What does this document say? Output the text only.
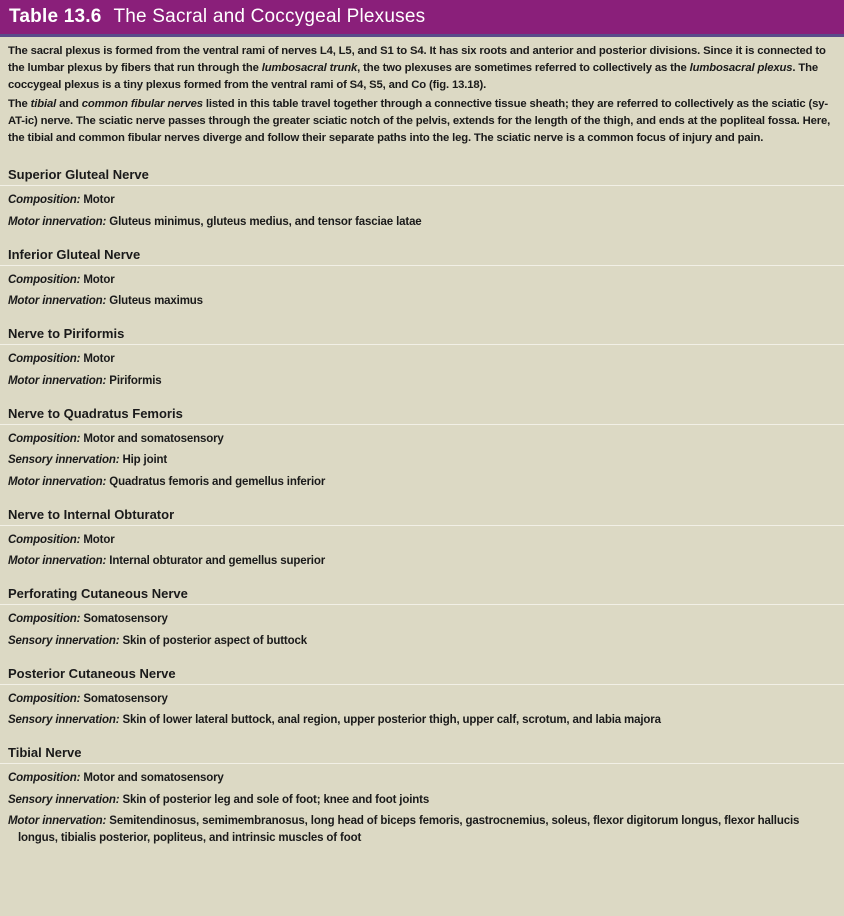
Table 13.6 The Sacral and Coccygeal Plexuses

The sacral plexus is formed from the ventral rami of nerves L4, L5, and S1 to S4. It has six roots and anterior and posterior divisions. Since it is connected to the lumbar plexus by fibers that run through the lumbosacral trunk, the two plexuses are sometimes referred to collectively as the lumbosacral plexus. The coccygeal plexus is a tiny plexus formed from the ventral rami of S4, S5, and Co (fig. 13.18).

The tibial and common fibular nerves listed in this table travel together through a connective tissue sheath; they are referred to collectively as the sciatic (sy-AT-ic) nerve. The sciatic nerve passes through the greater sciatic notch of the pelvis, extends for the length of the thigh, and ends at the popliteal fossa. Here, the tibial and common fibular nerves diverge and follow their separate paths into the leg. The sciatic nerve is a common focus of injury and pain.

Superior Gluteal Nerve
Composition: Motor
Motor innervation: Gluteus minimus, gluteus medius, and tensor fasciae latae
Inferior Gluteal Nerve
Composition: Motor
Motor innervation: Gluteus maximus
Nerve to Piriformis
Composition: Motor
Motor innervation: Piriformis
Nerve to Quadratus Femoris
Composition: Motor and somatosensory
Sensory innervation: Hip joint
Motor innervation: Quadratus femoris and gemellus inferior
Nerve to Internal Obturator
Composition: Motor
Motor innervation: Internal obturator and gemellus superior
Perforating Cutaneous Nerve
Composition: Somatosensory
Sensory innervation: Skin of posterior aspect of buttock
Posterior Cutaneous Nerve
Composition: Somatosensory
Sensory innervation: Skin of lower lateral buttock, anal region, upper posterior thigh, upper calf, scrotum, and labia majora
Tibial Nerve
Composition: Motor and somatosensory
Sensory innervation: Skin of posterior leg and sole of foot; knee and foot joints
Motor innervation: Semitendinosus, semimembranosus, long head of biceps femoris, gastrocnemius, soleus, flexor digitorum longus, flexor hallucis longus, tibialis posterior, popliteus, and intrinsic muscles of foot
